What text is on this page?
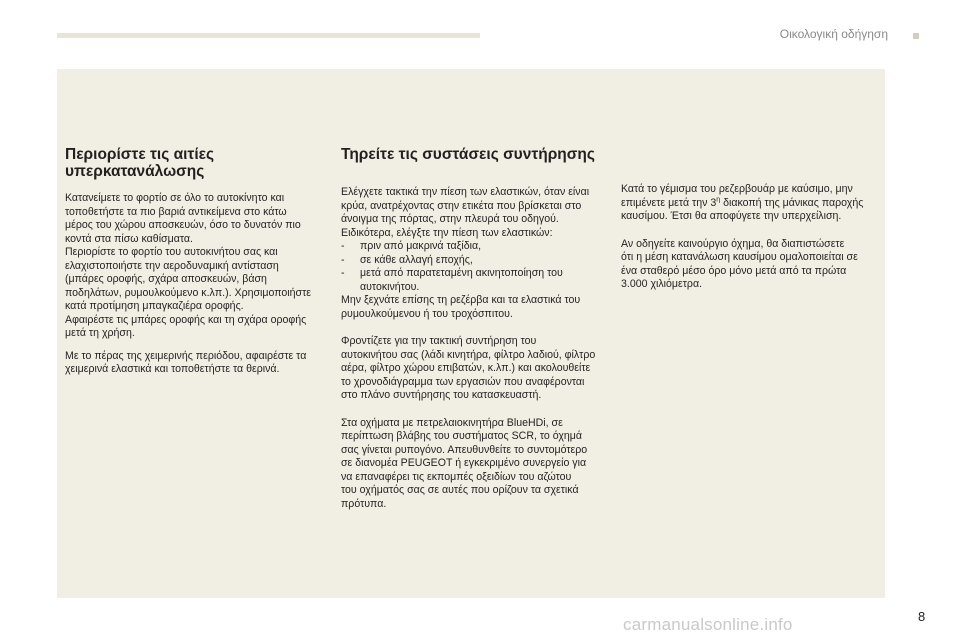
Οικολογική οδήγηση
Περιορίστε τις αιτίες
υπερκατανάλωσης

Κατανείμετε το φορτίο σε όλο το αυτοκίνητο και
τοποθετήστε τα πιο βαριά αντικείμενα στο κάτω
μέρος του χώρου αποσκευών, όσο το δυνατόν πιο
κοντά στα πίσω καθίσματα.
Περιορίστε το φορτίο του αυτοκινήτου σας και
ελαχιστοποιήστε την αεροδυναμική αντίσταση
(μπάρες οροφής, σχάρα αποσκευών, βάση
ποδηλάτων, ρυμουλκούμενο κ.λπ.). Χρησιμοποιήστε
κατά προτίμηση μπαγκαζιέρα οροφής.
Αφαιρέστε τις μπάρες οροφής και τη σχάρα οροφής
μετά τη χρήση.

Με το πέρας της χειμερινής περιόδου, αφαιρέστε τα
χειμερινά ελαστικά και τοποθετήστε τα θερινά.

Τηρείτε τις συστάσεις συντήρησης

Ελέγχετε τακτικά την πίεση των ελαστικών, όταν είναι
κρύα, ανατρέχοντας στην ετικέτα που βρίσκεται στο
άνοιγμα της πόρτας, στην πλευρά του οδηγού.
Ειδικότερα, ελέγξτε την πίεση των ελαστικών:

- πριν από μακρινά ταξίδια,
- σε κάθε αλλαγή εποχής,
- μετά από παρατεταμένη ακινητοποίηση του
αυτοκινήτου.

Μην ξεχνάτε επίσης τη ρεζέρβα και τα ελαστικά του
ρυμουλκούμενου ή του τροχόσπιτου.

Φροντίζετε για την τακτική συντήρηση του
αυτοκινήτου σας (λάδι κινητήρα, φίλτρο λαδιού, φίλτρο
αέρα, φίλτρο χώρου επιβατών, κ.λπ.) και ακολουθείτε
το χρονοδιάγραμμα των εργασιών που αναφέρονται
στο πλάνο συντήρησης του κατασκευαστή.

Στα οχήματα με πετρελαιοκινητήρα BlueHDi, σε
περίπτωση βλάβης του συστήματος SCR, το όχημά
σας γίνεται ρυπογόνο. Απευθυνθείτε το συντομότερο
σε διανομέα PEUGEOT ή εγκεκριμένο συνεργείο για
να επαναφέρει τις εκπομπές οξειδίων του αζώτου
του οχήματός σας σε αυτές που ορίζουν τα σχετικά
πρότυπα.

Κατά το γέμισμα του ρεζερβουάρ με καύσιμο, μην
επιμένετε μετά την $3^\eta$ διακοπή της μάνικας παροχής
καυσίμου. Έτσι θα αποφύγετε την υπερχείλιση.

Αν οδηγείτε καινούργιο όχημα, θα διαπιστώσετε
ότι η μέση κατανάλωση καυσίμου ομαλοποιείται σε
ένα σταθερό μέσο όρο μόνο μετά από τα πρώτα
3.000 χιλιόμετρα.

8
carmanualsonline.info
